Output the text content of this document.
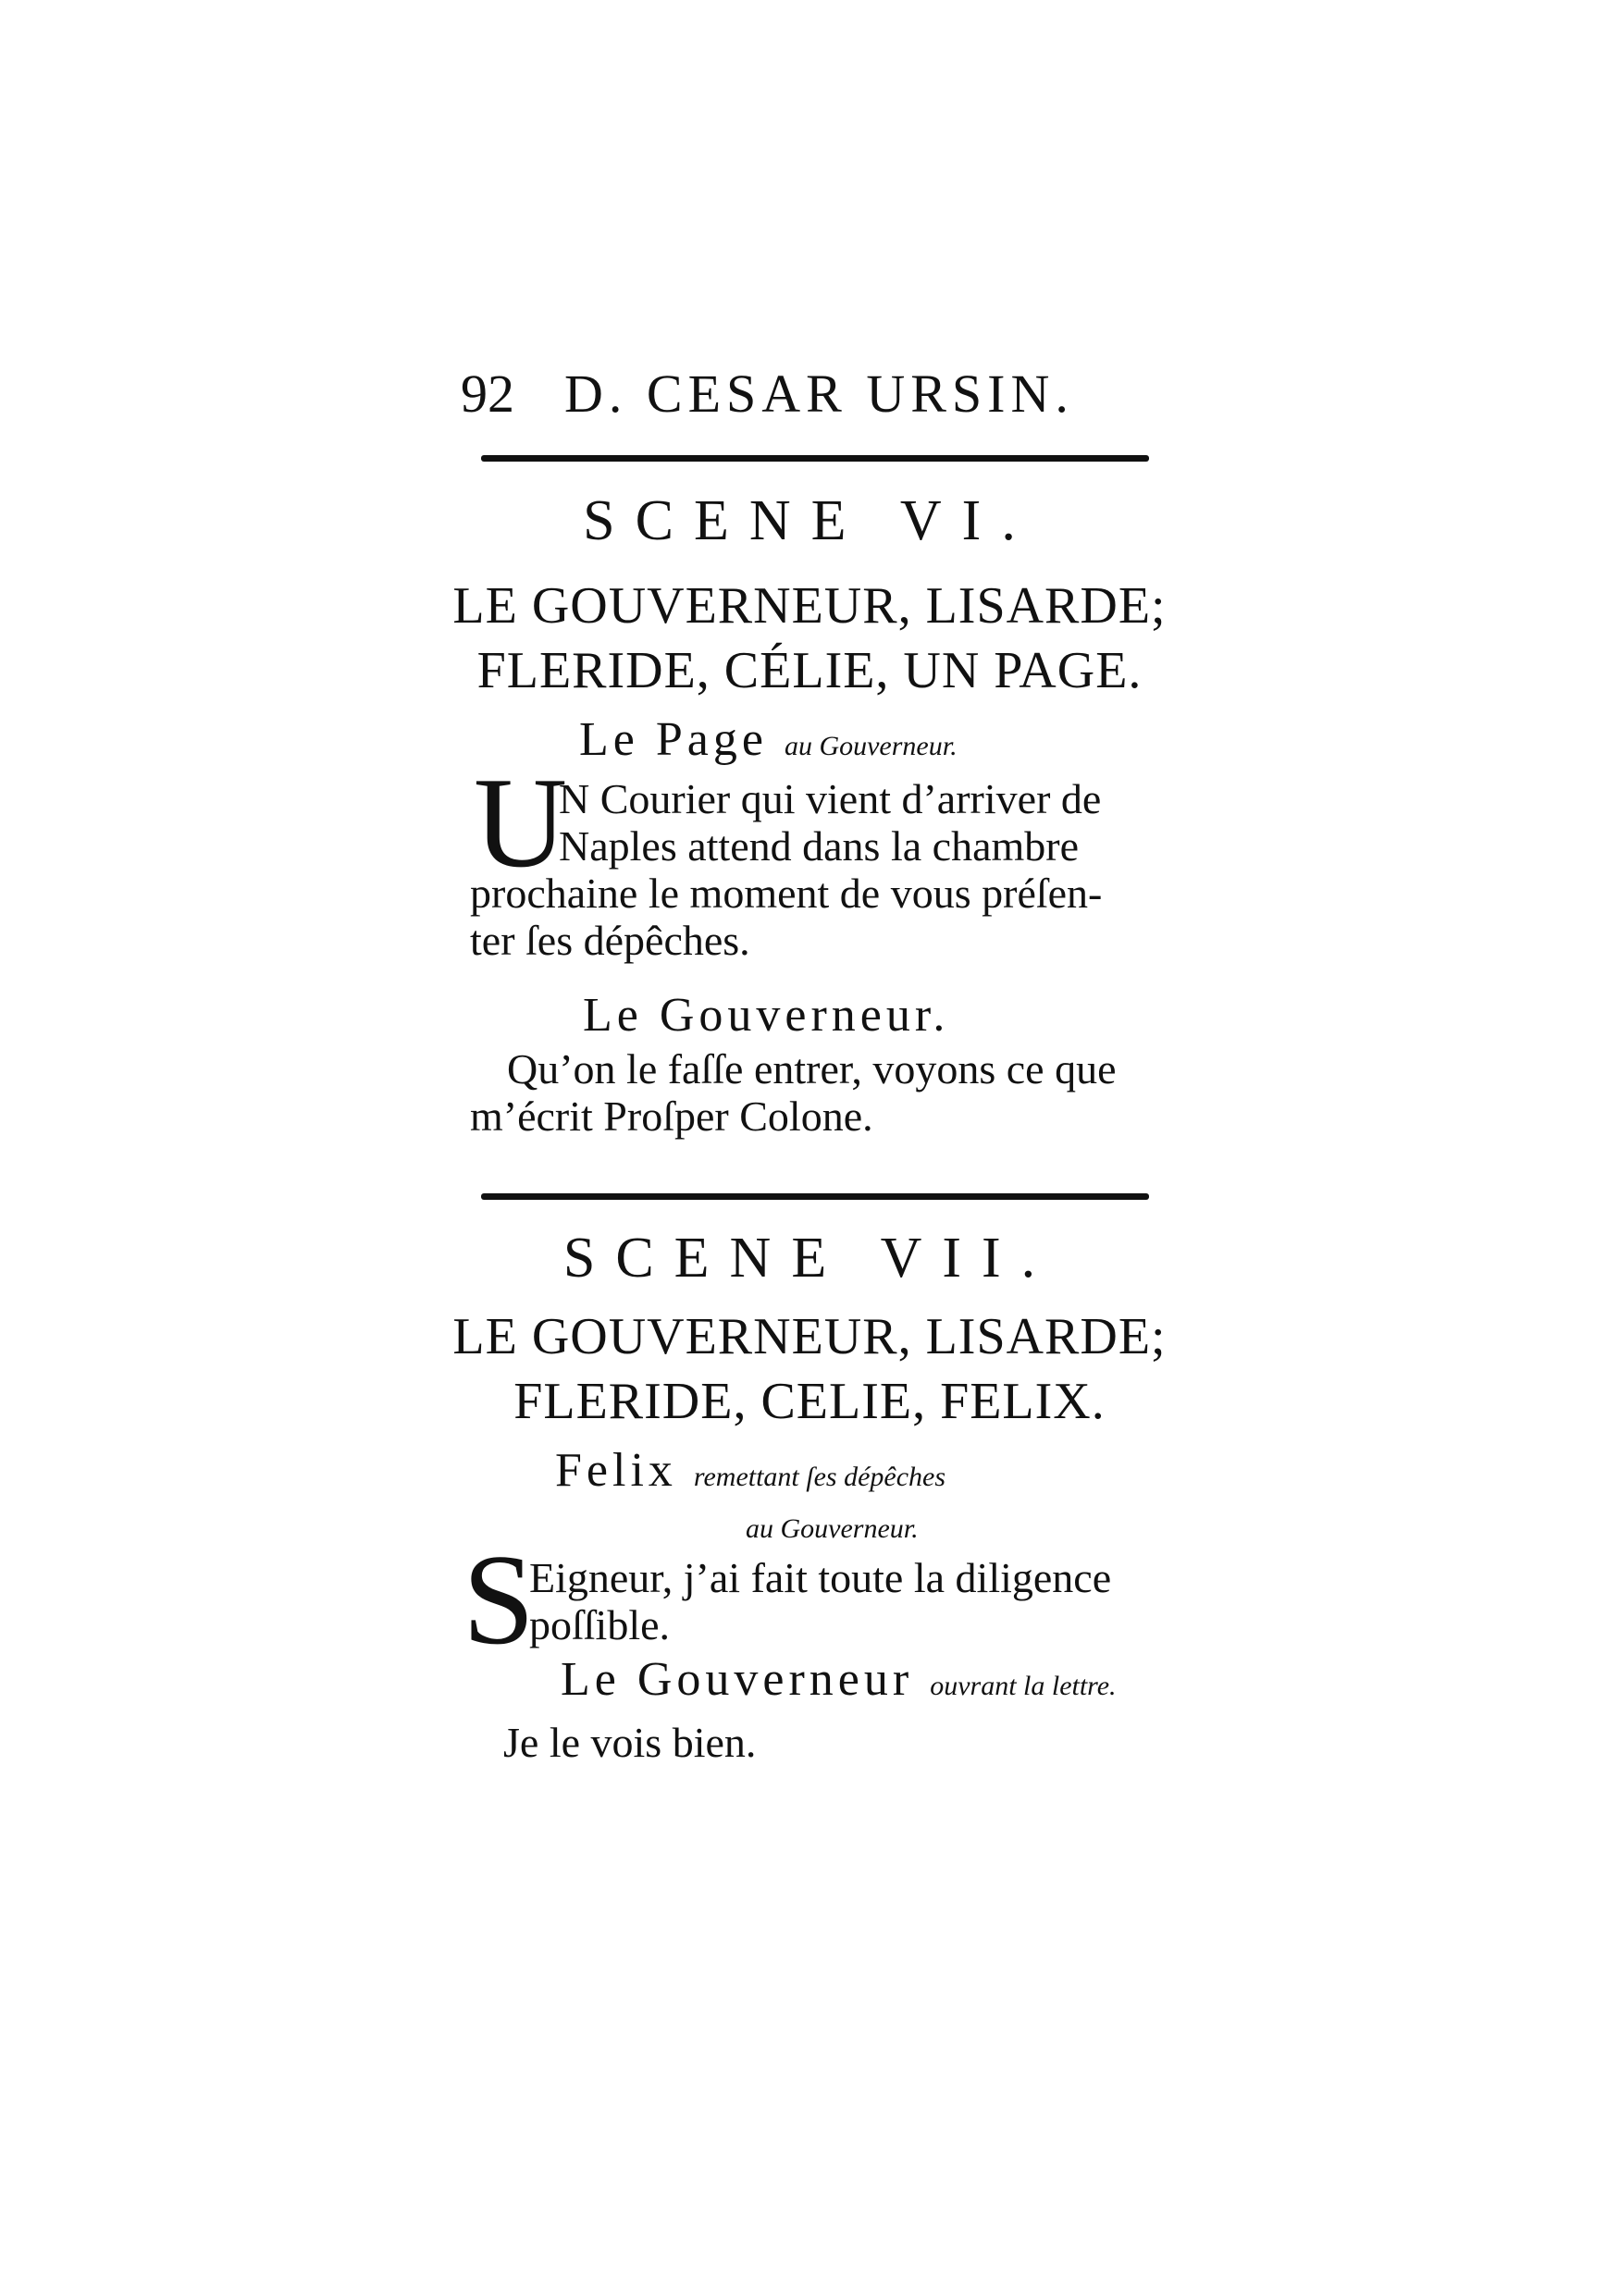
92 D. CESAR URSIN.
SCENE VI.
LE GOUVERNEUR, LISARDE;
FLERIDE, CÉLIE, UN PAGE.
Le Page au Gouverneur.
U
N Courier qui vient d’arriver de
Naples attend dans la chambre
prochaine le moment de vous préſen-
ter ſes dépêches.
Le Gouverneur.
Qu’on le faſſe entrer, voyons ce que
m’écrit Proſper Colone.
SCENE VII.
LE GOUVERNEUR, LISARDE;
FLERIDE, CELIE, FELIX.
Felix remettant ſes dépêches
au Gouverneur.
S
Eigneur, j’ai fait toute la diligence
poſſible.
Le Gouverneur ouvrant la lettre.
Je le vois bien.
